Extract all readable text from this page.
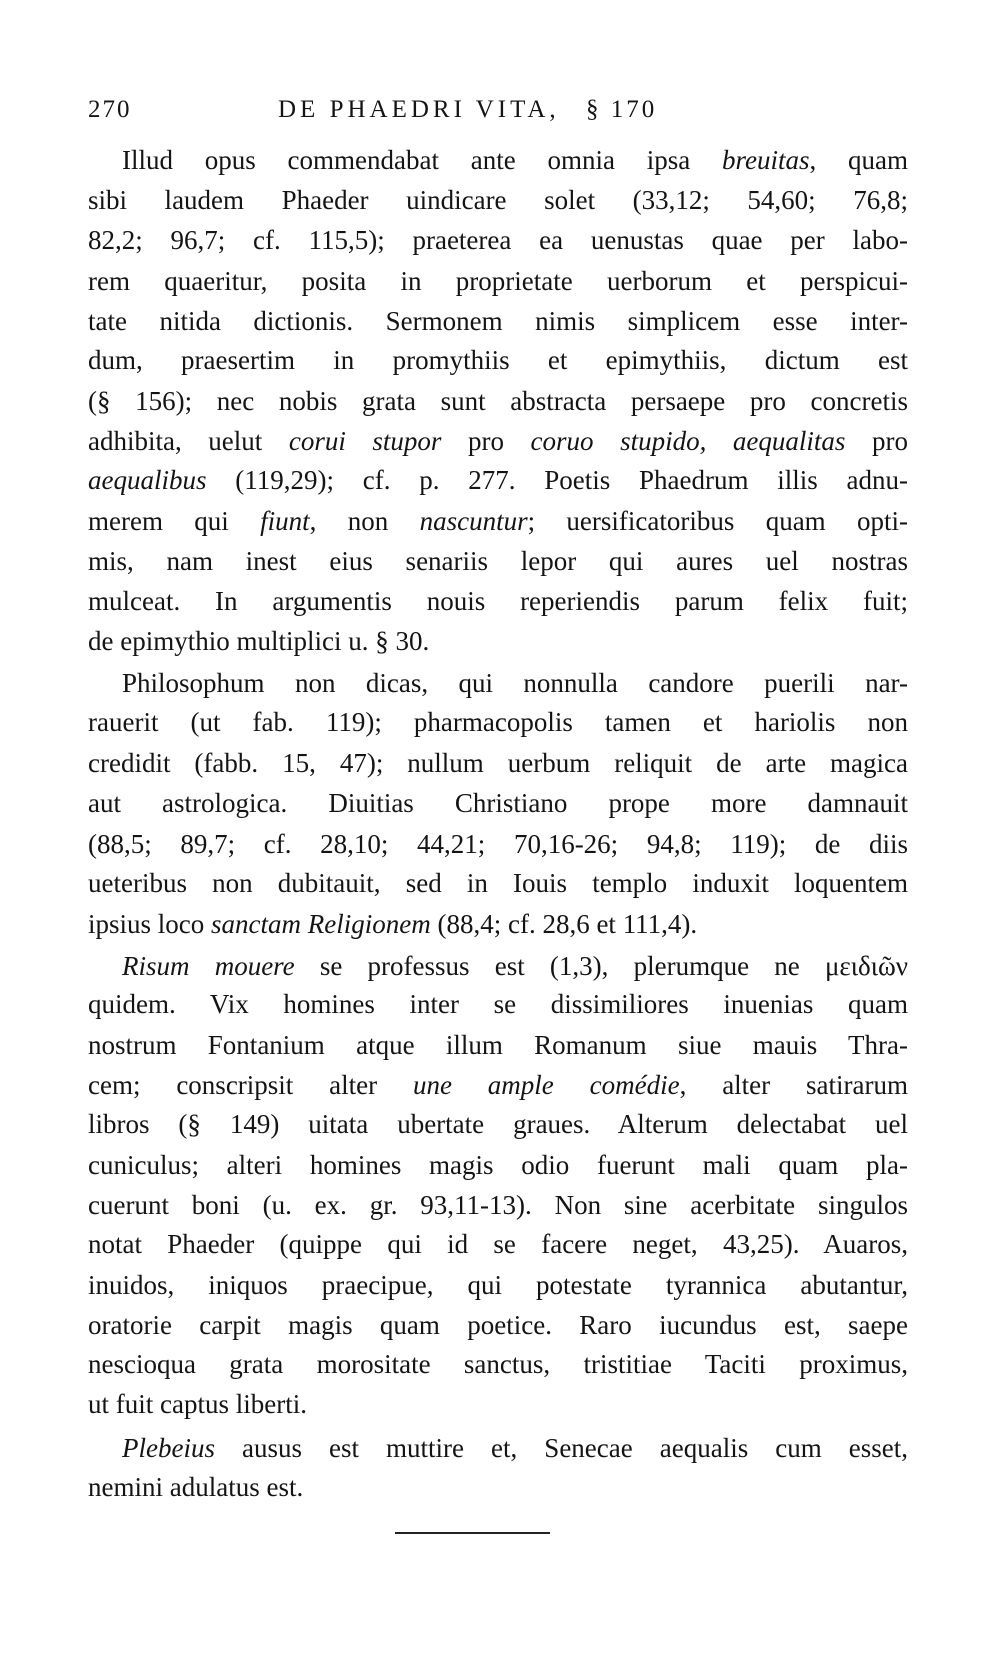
270	DE PHAEDRI VITA, § 170
Illud opus commendabat ante omnia ipsa breuitas, quam
sibi laudem Phaeder uindicare solet (33,12; 54,60; 76,8;
82,2; 96,7; cf. 115,5); praeterea ea uenustas quae per labo-
rem quaeritur, posita in proprietate uerborum et perspicui-
tate nitida dictionis. Sermonem nimis simplicem esse inter-
dum, praesertim in promythiis et epimythiis, dictum est
(§ 156); nec nobis grata sunt abstracta persaepe pro concretis
adhibita, uelut corui stupor pro coruo stupido, aequalitas pro
aequalibus (119,29); cf. p. 277. Poetis Phaedrum illis adnu-
merem qui fiunt, non nascuntur; uersificatoribus quam opti-
mis, nam inest eius senariis lepor qui aures uel nostras
mulceat. In argumentis nouis reperiendis parum felix fuit;
de epimythio multiplici u. § 30.
Philosophum non dicas, qui nonnulla candore puerili nar-
rauerit (ut fab. 119); pharmacopolis tamen et hariolis non
credidit (fabb. 15, 47); nullum uerbum reliquit de arte magica
aut astrologica. Diuitias Christiano prope more damnauit
(88,5; 89,7; cf. 28,10; 44,21; 70,16-26; 94,8; 119); de diis
ueteribus non dubitauit, sed in Iouis templo induxit loquentem
ipsius loco sanctam Religionem (88,4; cf. 28,6 et 111,4).
Risum mouere se professus est (1,3), plerumque ne μειδιῶν
quidem. Vix homines inter se dissimiliores inuenias quam
nostrum Fontanium atque illum Romanum siue mauis Thra-
cem; conscripsit alter une ample comédie, alter satirarum
libros (§ 149) uitata ubertate graues. Alterum delectabat uel
cuniculus; alteri homines magis odio fuerunt mali quam pla-
cuerunt boni (u. ex. gr. 93,11-13). Non sine acerbitate singulos
notat Phaeder (quippe qui id se facere neget, 43,25). Auaros,
inuidos, iniquos praecipue, qui potestate tyrannica abutantur,
oratorie carpit magis quam poetice. Raro iucundus est, saepe
nescioqua grata morositate sanctus, tristitiae Taciti proximus,
ut fuit captus liberti.
Plebeius ausus est muttire et, Senecae aequalis cum esset,
nemini adulatus est.
